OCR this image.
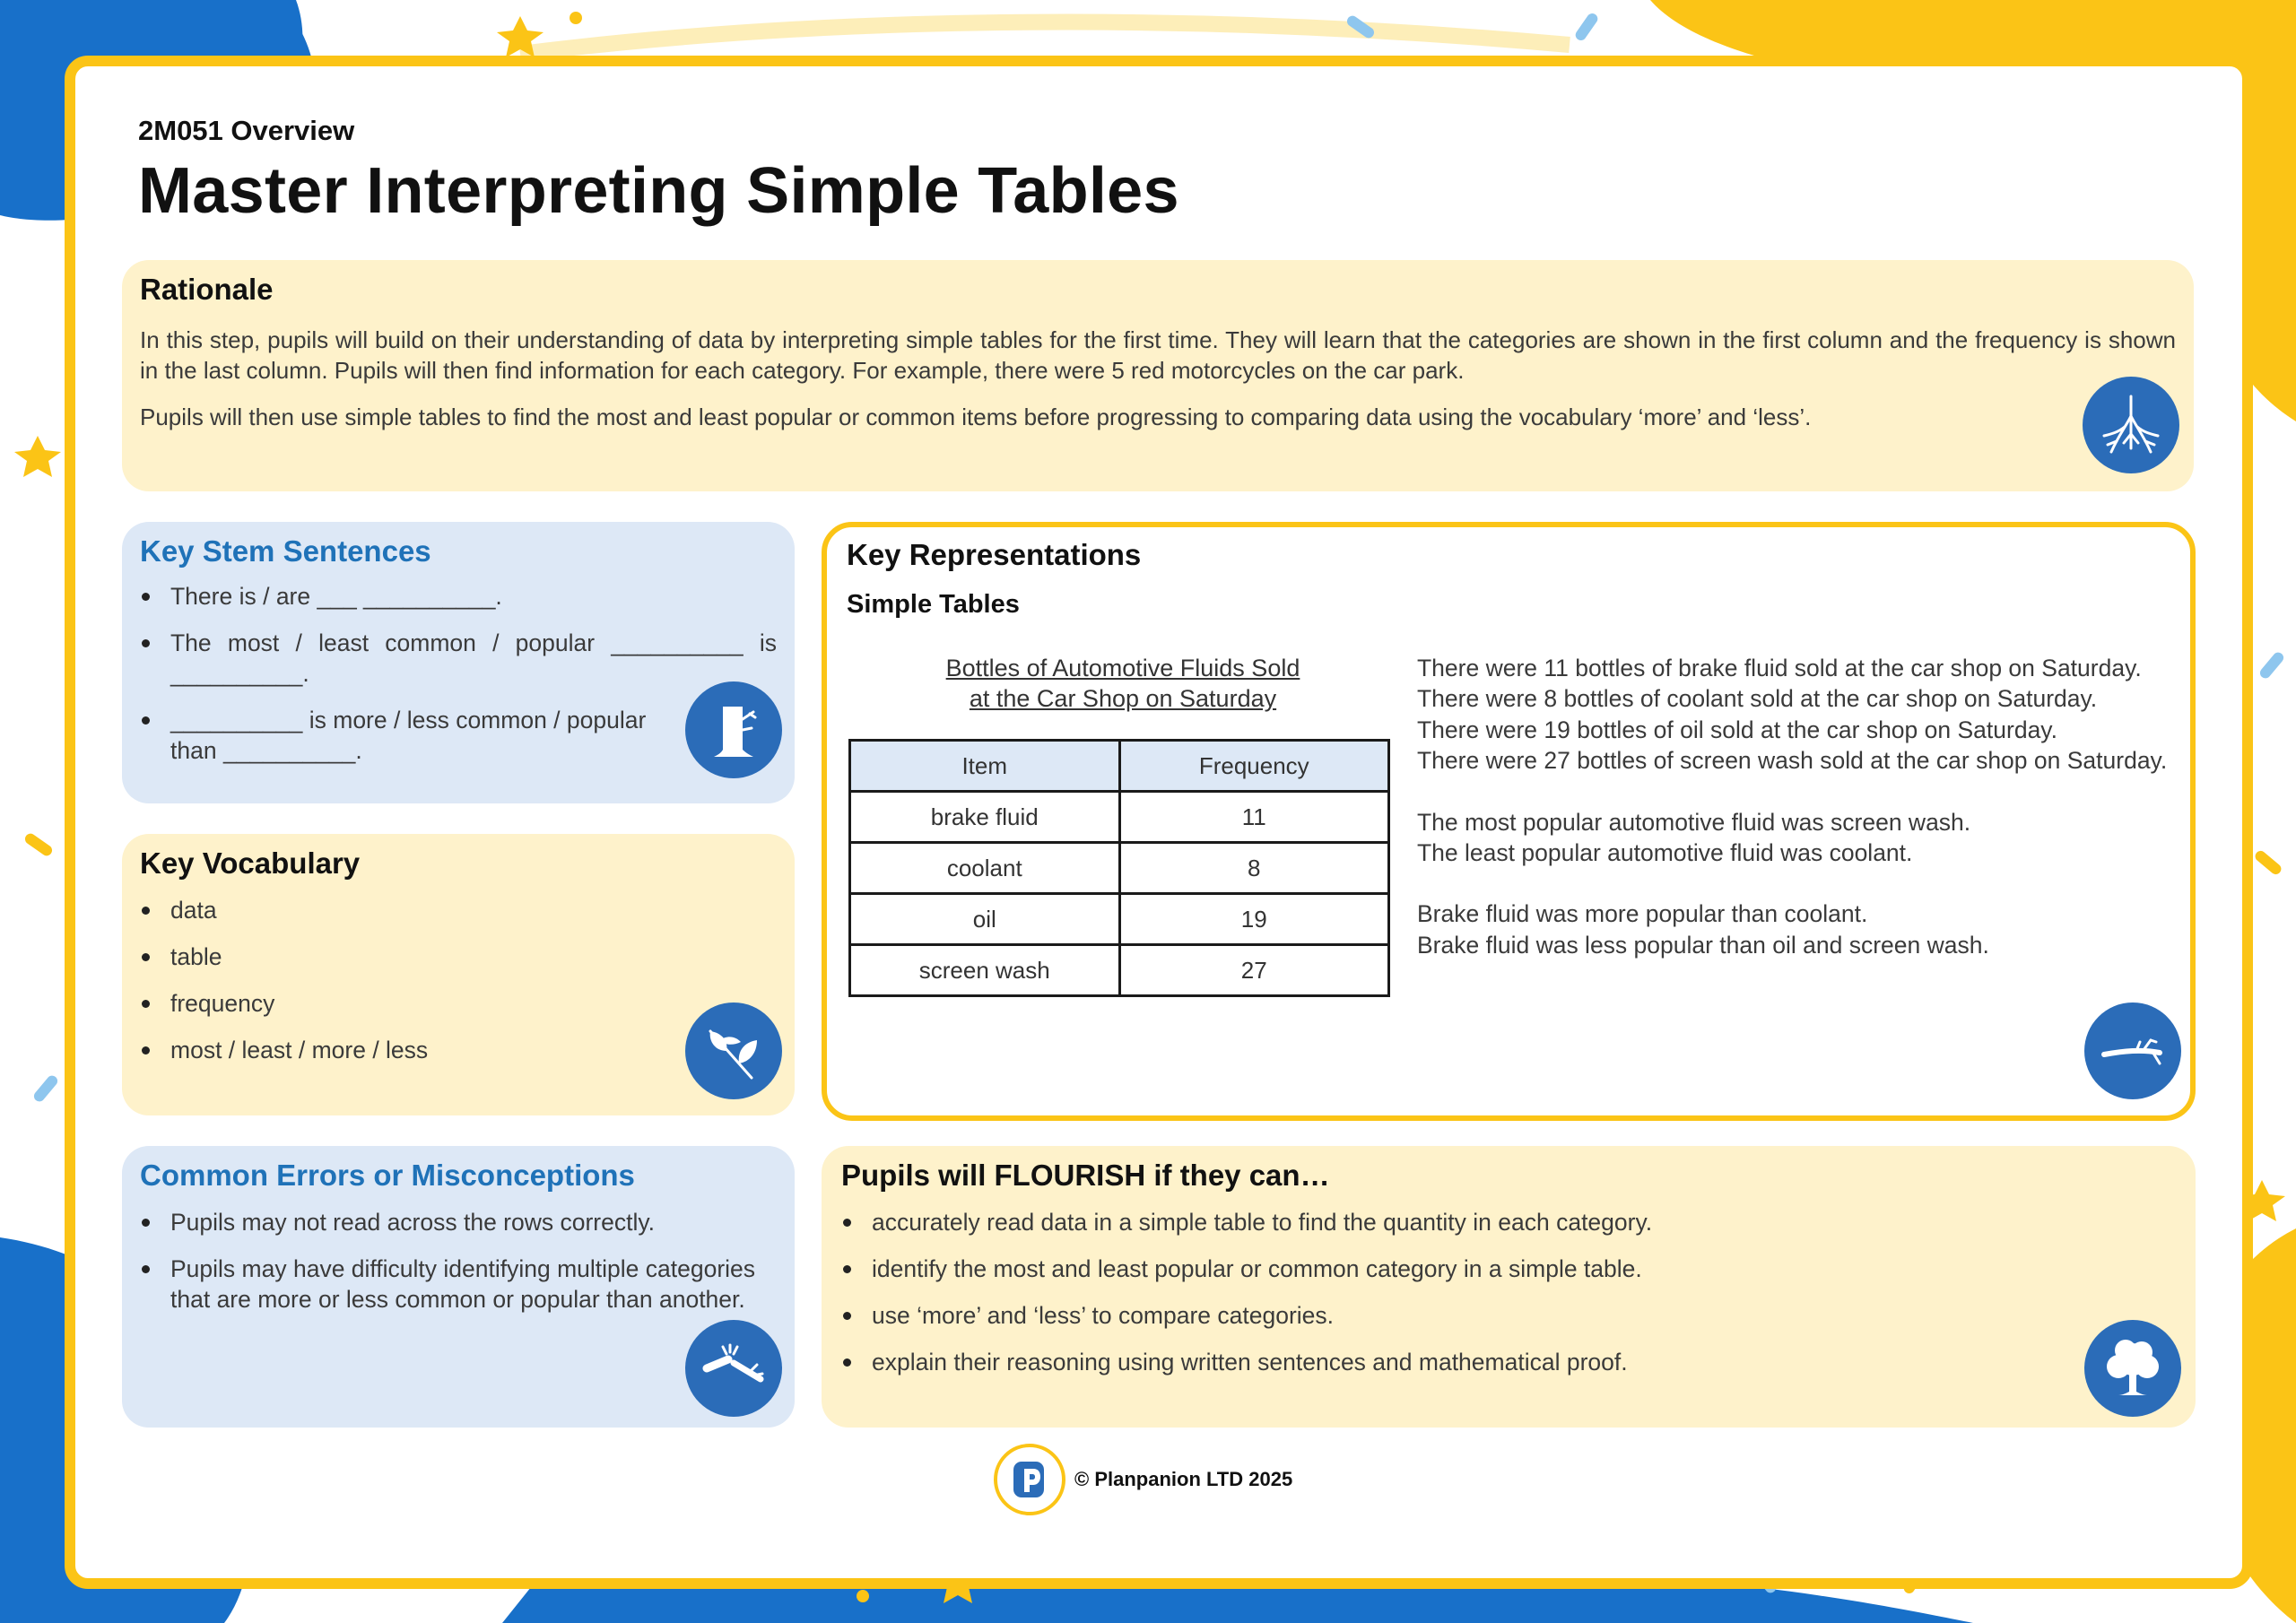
2M051 Overview
Master Interpreting Simple Tables
Rationale

In this step, pupils will build on their understanding of data by interpreting simple tables for the first time. They will learn that the categories are shown in the first column and the frequency is shown in the last column. Pupils will then find information for each category. For example, there were 5 red motorcycles on the car park.

Pupils will then use simple tables to find the most and least popular or common items before progressing to comparing data using the vocabulary ‘more’ and ‘less’.

Key Stem Sentences
There is / are ___ __________.
The most / least common / popular __________ is __________.
__________ is more / less common / popular than __________.
Key Vocabulary
data
table
frequency
most / least / more / less
Common Errors or Misconceptions
Pupils may not read across the rows correctly.
Pupils may have difficulty identifying multiple categories that are more or less common or popular than another.
Key Representations
Simple Tables
Bottles of Automotive Fluids Sold
at the Car Shop on Saturday
Item	Frequency
brake fluid	11
coolant	8
oil	19
screen wash	27
There were 11 bottles of brake fluid sold at the car shop on Saturday.
There were 8 bottles of coolant sold at the car shop on Saturday.
There were 19 bottles of oil sold at the car shop on Saturday.
There were 27 bottles of screen wash sold at the car shop on Saturday.
The most popular automotive fluid was screen wash.
The least popular automotive fluid was coolant.
Brake fluid was more popular than coolant.
Brake fluid was less popular than oil and screen wash.
Pupils will FLOURISH if they can…
accurately read data in a simple table to find the quantity in each category.
identify the most and least popular or common category in a simple table.
use ‘more’ and ‘less’ to compare categories.
explain their reasoning using written sentences and mathematical proof.
© Planpanion LTD 2025
